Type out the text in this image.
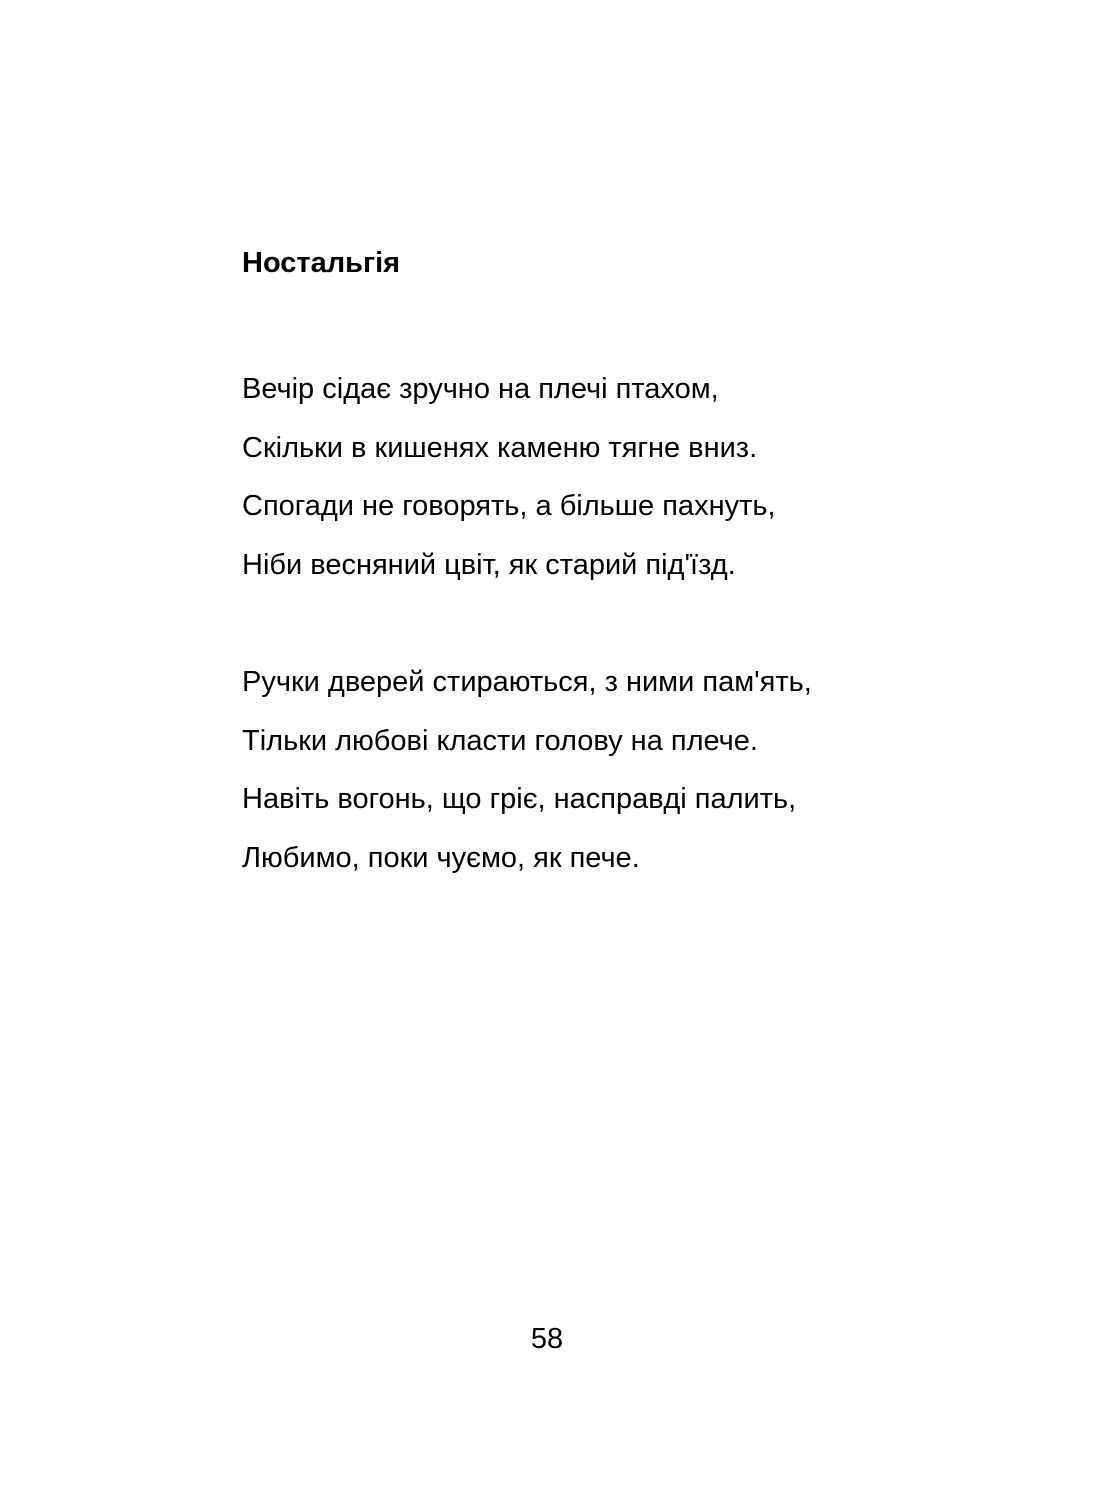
Ностальгія
Вечір сідає зручно на плечі птахом,
Скільки в кишенях каменю тягне вниз.
Спогади не говорять, а більше пахнуть,
Ніби весняний цвіт, як старий під'їзд.
Ручки дверей стираються, з ними пам'ять,
Тільки любові класти голову на плече.
Навіть вогонь, що гріє, насправді палить,
Любимо, поки чуємо, як пече.
58
